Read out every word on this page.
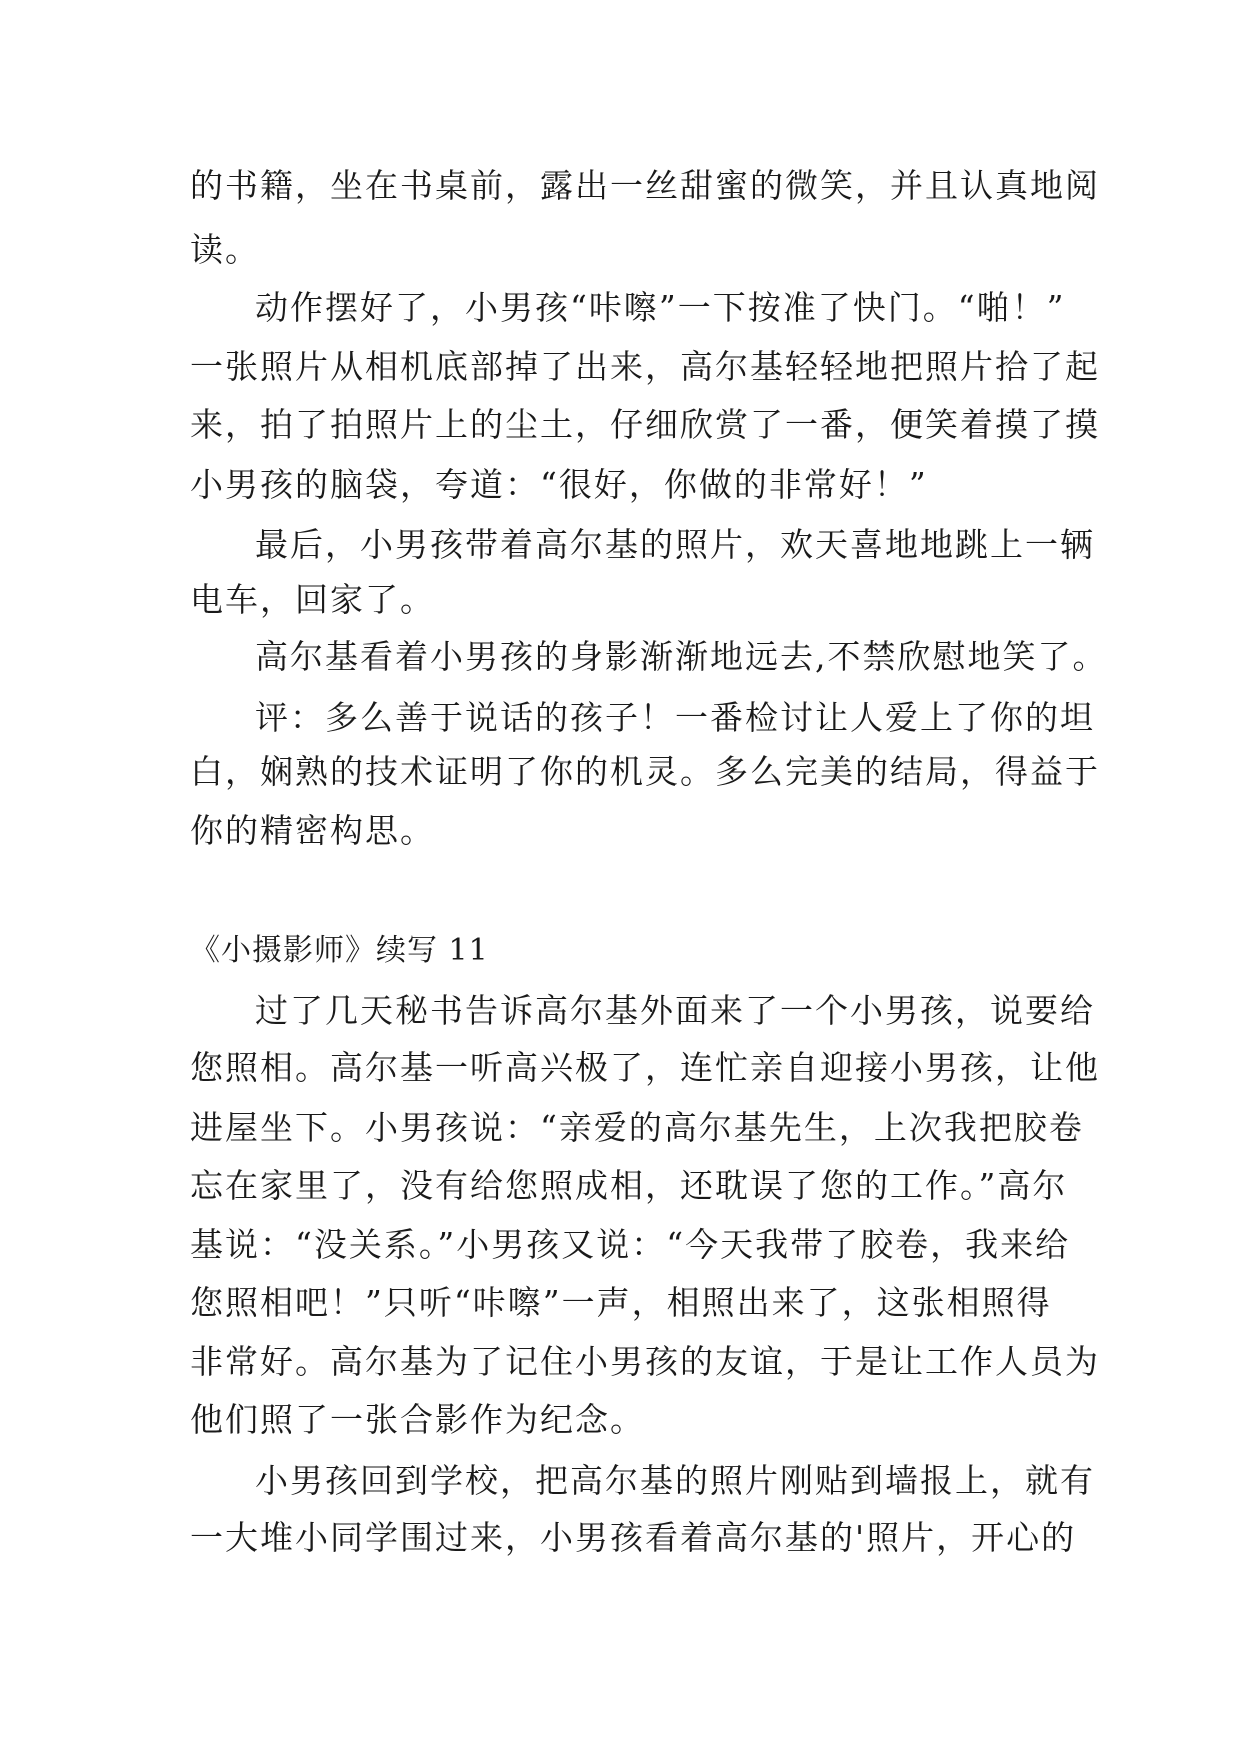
的书籍，坐在书桌前，露出一丝甜蜜的微笑，并且认真地阅

读。

动作摆好了，小男孩“咔嚓”一下按准了快门。“啪！”

一张照片从相机底部掉了出来，高尔基轻轻地把照片拾了起

来，拍了拍照片上的尘土，仔细欣赏了一番，便笑着摸了摸

小男孩的脑袋，夸道：“很好，你做的非常好！”

最后，小男孩带着高尔基的照片，欢天喜地地跳上一辆

电车，回家了。

高尔基看着小男孩的身影渐渐地远去,不禁欣慰地笑了。

评：多么善于说话的孩子！一番检讨让人爱上了你的坦

白，娴熟的技术证明了你的机灵。多么完美的结局，得益于

你的精密构思。

《小摄影师》续写 11

过了几天秘书告诉高尔基外面来了一个小男孩，说要给

您照相。高尔基一听高兴极了，连忙亲自迎接小男孩，让他

进屋坐下。小男孩说：“亲爱的高尔基先生，上次我把胶卷

忘在家里了，没有给您照成相，还耽误了您的工作。”高尔

基说：“没关系。”小男孩又说：“今天我带了胶卷，我来给

您照相吧！”只听“咔嚓”一声，相照出来了，这张相照得

非常好。高尔基为了记住小男孩的友谊，于是让工作人员为

他们照了一张合影作为纪念。

小男孩回到学校，把高尔基的照片刚贴到墙报上，就有

一大堆小同学围过来，小男孩看着高尔基的'照片，开心的
